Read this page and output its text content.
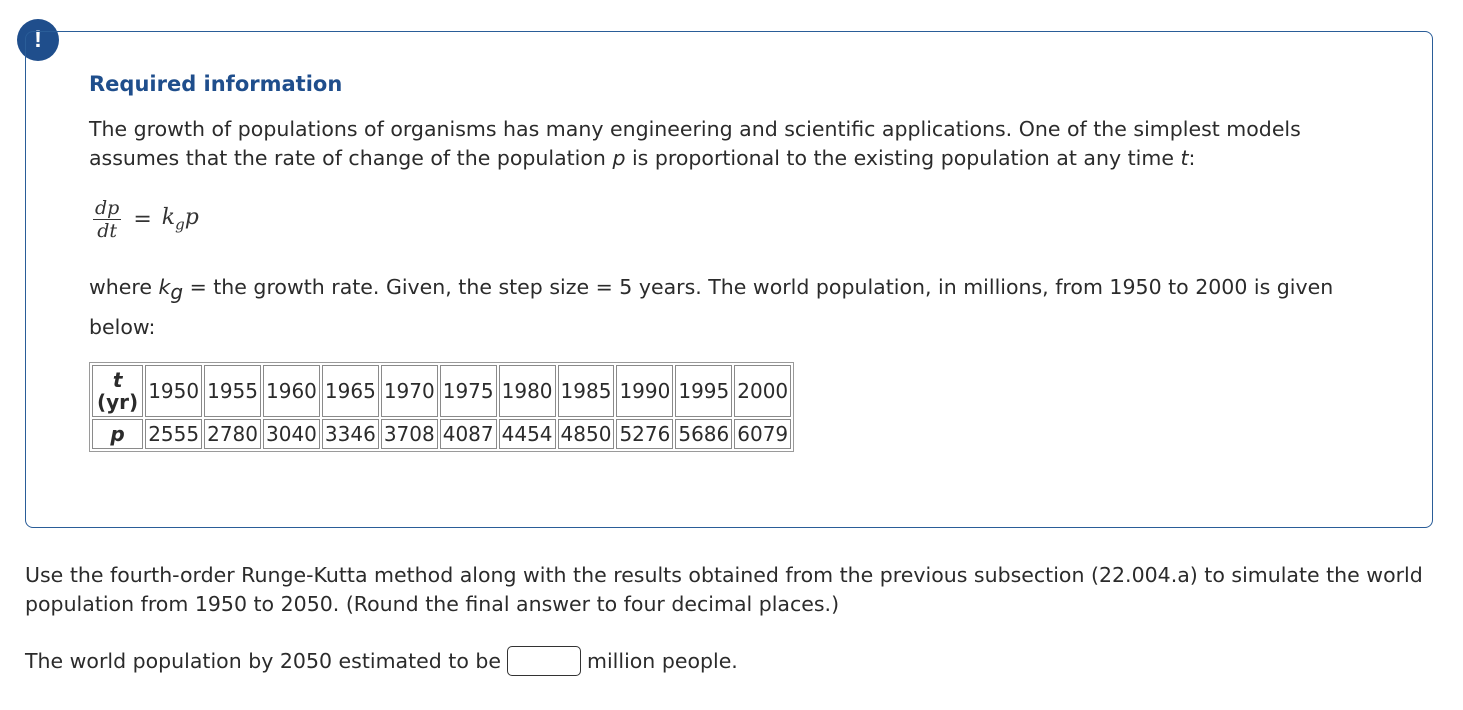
!
Required information
The growth of populations of organisms has many engineering and scientific applications. One of the simplest models assumes that the rate of change of the population p is proportional to the existing population at any time t:
$\frac{dp}{dt} = k_gp$
where $k_g$ = the growth rate. Given, the step size = 5 years. The world population, in millions, from 1950 to 2000 is given below:
t
(yr)	1950	1955	1960	1965	1970	1975	1980	1985	1990	1995	2000
p	2555	2780	3040	3346	3708	4087	4454	4850	5276	5686	6079
Use the fourth-order Runge-Kutta method along with the results obtained from the previous subsection (22.004.a) to simulate the world population from 1950 to 2050. (Round the final answer to four decimal places.)
The world population by 2050 estimated to be	million people.
